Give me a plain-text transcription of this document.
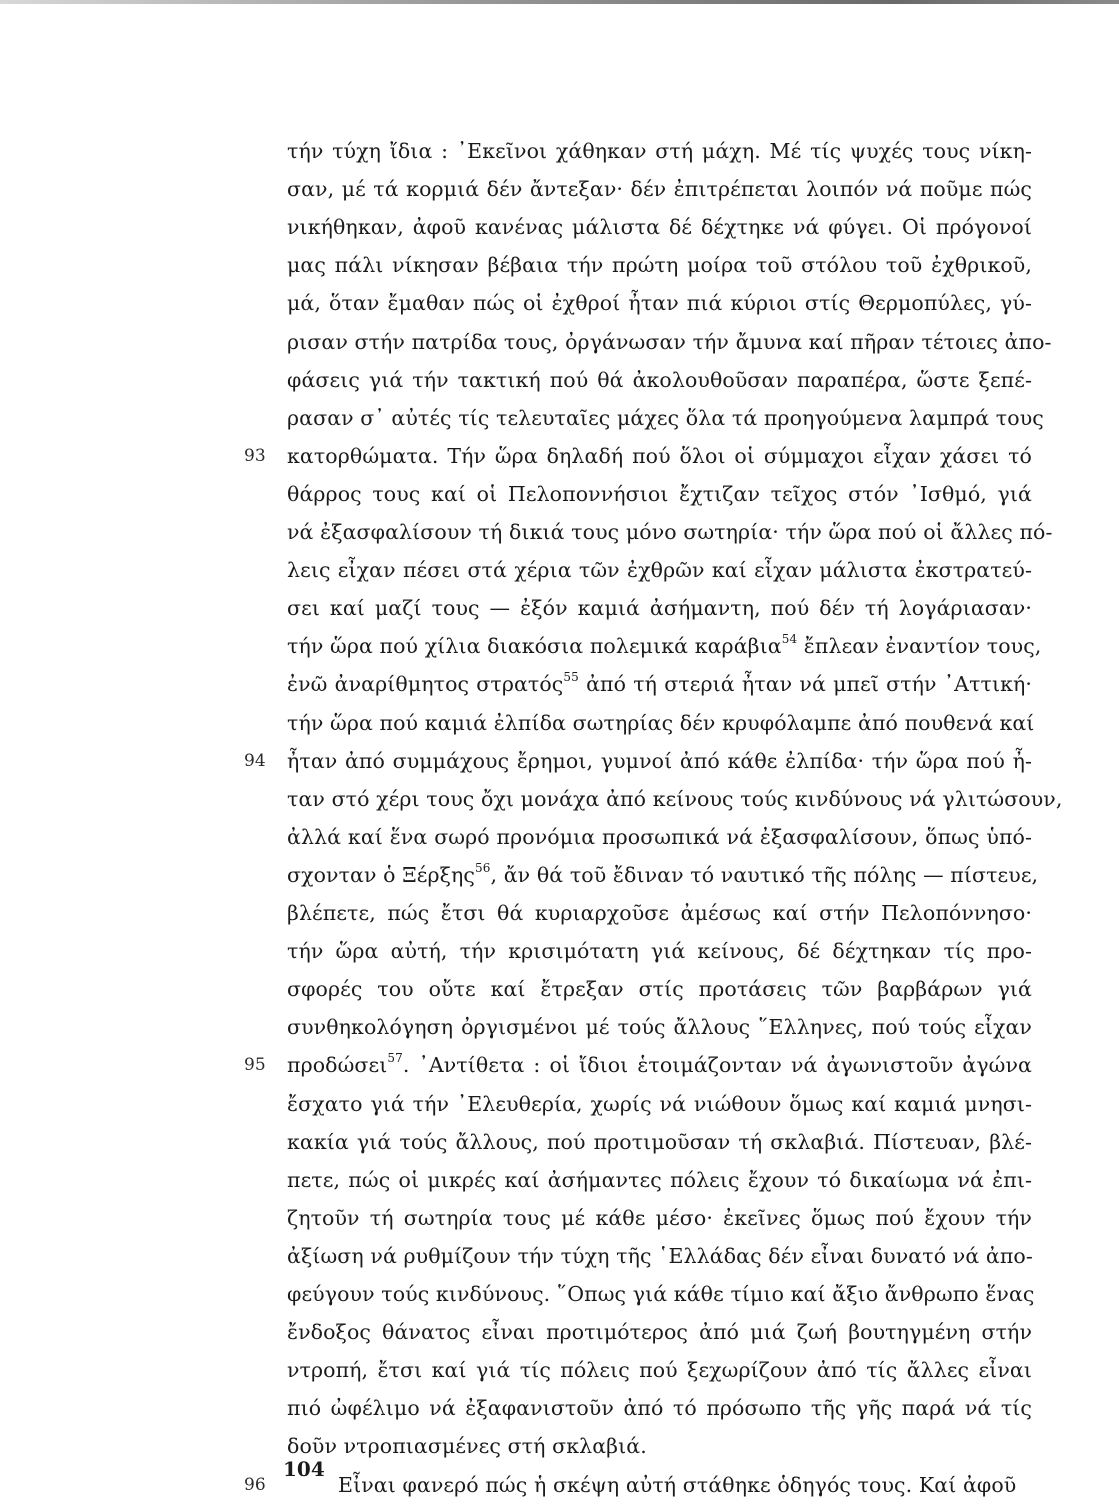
τήν τύχη ἴδια : ᾿Εκεῖνοι χάθηκαν στή μάχη. Μέ τίς ψυχές τους νίκη-
σαν, μέ τά κορμιά δέν ἄντεξαν· δέν ἐπιτρέπεται λοιπόν νά ποῦμε πώς
νικήθηκαν, ἀφοῦ κανένας μάλιστα δέ δέχτηκε νά φύγει. Οἱ πρόγονοί
μας πάλι νίκησαν βέβαια τήν πρώτη μοίρα τοῦ στόλου τοῦ ἐχθρικοῦ,
μά, ὅταν ἔμαθαν πώς οἱ ἐχθροί ἦταν πιά κύριοι στίς Θερμοπύλες, γύ-
ρισαν στήν πατρίδα τους, ὀργάνωσαν τήν ἄμυνα καί πῆραν τέτοιες ἀπο-
φάσεις γιά τήν τακτική πού θά ἀκολουθοῦσαν παραπέρα, ὥστε ξεπέ-
ρασαν σ᾿ αὐτές τίς τελευταῖες μάχες ὅλα τά προηγούμενα λαμπρά τους
κατορθώματα. Τήν ὥρα δηλαδή πού ὅλοι οἱ σύμμαχοι εἶχαν χάσει τό
93
θάρρος τους καί οἱ Πελοποννήσιοι ἔχτιζαν τεῖχος στόν ᾿Ισθμό, γιά
νά ἐξασφαλίσουν τή δικιά τους μόνο σωτηρία· τήν ὥρα πού οἱ ἄλλες πό-
λεις εἶχαν πέσει στά χέρια τῶν ἐχθρῶν καί εἶχαν μάλιστα ἐκστρατεύ-
σει καί μαζί τους — ἐξόν καμιά ἀσήμαντη, πού δέν τή λογάριασαν·
τήν ὥρα πού χίλια διακόσια πολεμικά καράβια$^{54}$ ἔπλεαν ἐναντίον τους,
ἐνῶ ἀναρίθμητος στρατός$^{55}$ ἀπό τή στεριά ἦταν νά μπεῖ στήν ᾿Αττική·
τήν ὥρα πού καμιά ἐλπίδα σωτηρίας δέν κρυφόλαμπε ἀπό πουθενά καί
ἦταν ἀπό συμμάχους ἔρημοι, γυμνοί ἀπό κάθε ἐλπίδα· τήν ὥρα πού ἦ-
94
ταν στό χέρι τους ὄχι μονάχα ἀπό κείνους τούς κινδύνους νά γλιτώσουν,
ἀλλά καί ἕνα σωρό προνόμια προσωπικά νά ἐξασφαλίσουν, ὅπως ὑπό-
σχονταν ὁ Ξέρξης$^{56}$, ἄν θά τοῦ ἔδιναν τό ναυτικό τῆς πόλης — πίστευε,
βλέπετε, πώς ἔτσι θά κυριαρχοῦσε ἀμέσως καί στήν Πελοπόννησο·
τήν ὥρα αὐτή, τήν κρισιμότατη γιά κείνους, δέ δέχτηκαν τίς προ-
σφορές του οὔτε καί ἔτρεξαν στίς προτάσεις τῶν βαρβάρων γιά
συνθηκολόγηση ὀργισμένοι μέ τούς ἄλλους ῞Ελληνες, πού τούς εἶχαν
προδώσει$^{57}$. ᾿Αντίθετα : οἱ ἴδιοι ἑτοιμάζονταν νά ἀγωνιστοῦν ἀγώνα
95
ἔσχατο γιά τήν ᾿Ελευθερία, χωρίς νά νιώθουν ὅμως καί καμιά μνησι-
κακία γιά τούς ἄλλους, πού προτιμοῦσαν τή σκλαβιά. Πίστευαν, βλέ-
πετε, πώς οἱ μικρές καί ἀσήμαντες πόλεις ἔχουν τό δικαίωμα νά ἐπι-
ζητοῦν τή σωτηρία τους μέ κάθε μέσο· ἐκεῖνες ὅμως πού ἔχουν τήν
ἀξίωση νά ρυθμίζουν τήν τύχη τῆς ῾Ελλάδας δέν εἶναι δυνατό νά ἀπο-
φεύγουν τούς κινδύνους. ῞Οπως γιά κάθε τίμιο καί ἄξιο ἄνθρωπο ἕνας
ἔνδοξος θάνατος εἶναι προτιμότερος ἀπό μιά ζωή βουτηγμένη στήν
ντροπή, ἔτσι καί γιά τίς πόλεις πού ξεχωρίζουν ἀπό τίς ἄλλες εἶναι
πιό ὠφέλιμο νά ἐξαφανιστοῦν ἀπό τό πρόσωπο τῆς γῆς παρά νά τίς
δοῦν ντροπιασμένες στή σκλαβιά.
Εἶναι φανερό πώς ἡ σκέψη αὐτή στάθηκε ὁδηγός τους. Καί ἀφοῦ
96
104
